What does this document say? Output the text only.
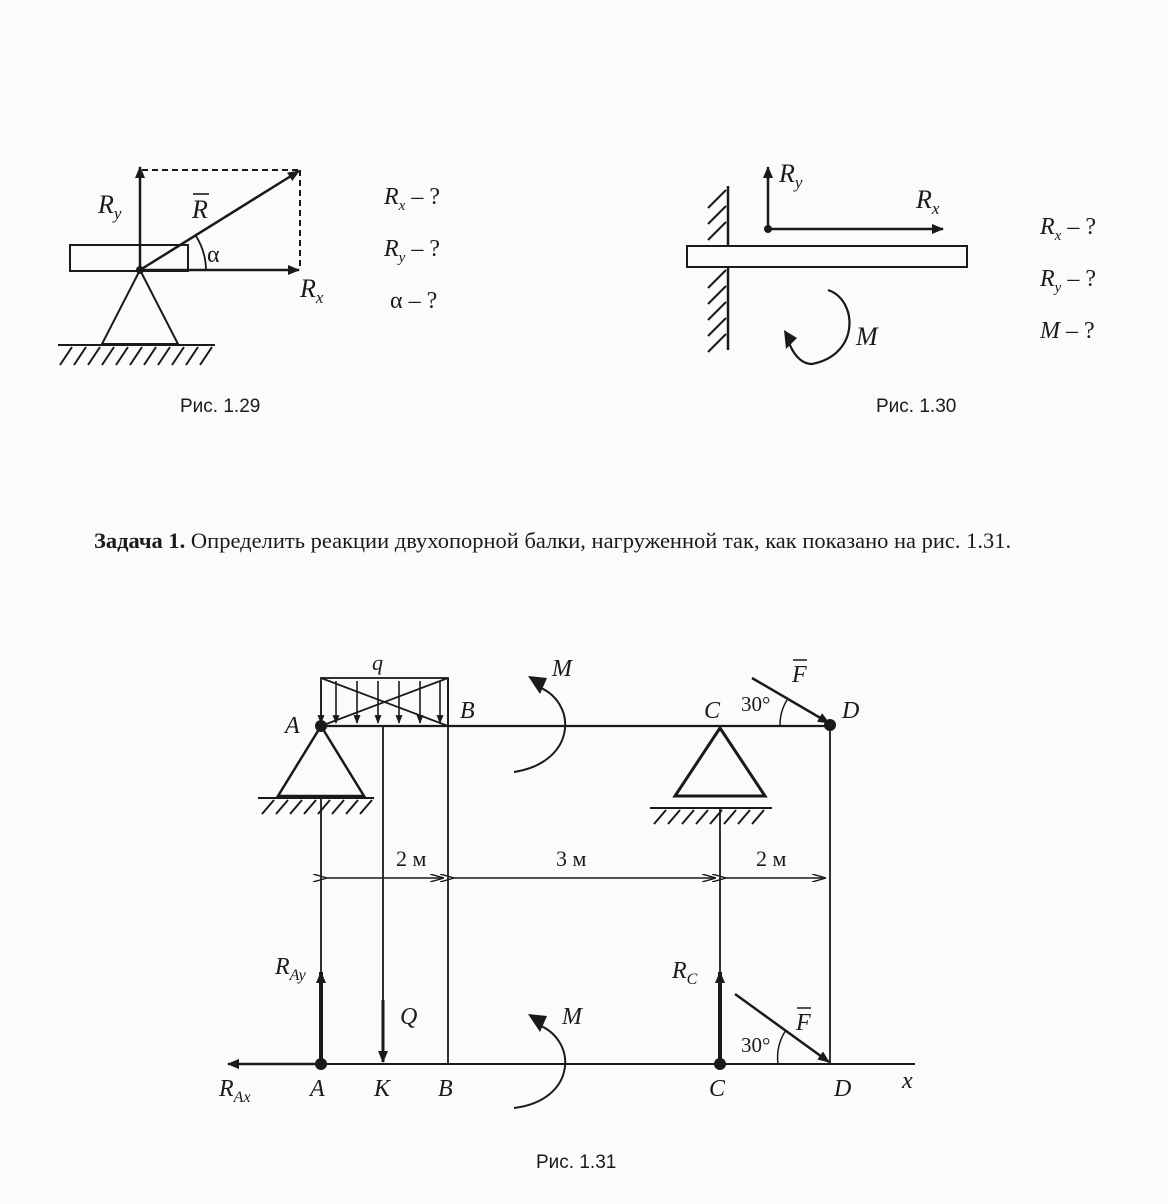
$R_y$	R
α
$R_x$
$R_x$ – ?
$R_y$ – ?
α – ?
Рис. 1.29
$R_y$
$R_x$
M
$R_x$ – ?
$R_y$ – ?
M – ?
Рис. 1.30
Задача 1. Определить реакции двухопорной балки, нагруженной так, как показано на рис. 1.31.
2 м	3 м	2 м
q
A
B
M
C 30°
F
D
$R_{Ay}$
Q	M
$R_C$
F
30°
$R_{Ax}$ A K B	C	D x
Рис. 1.31
